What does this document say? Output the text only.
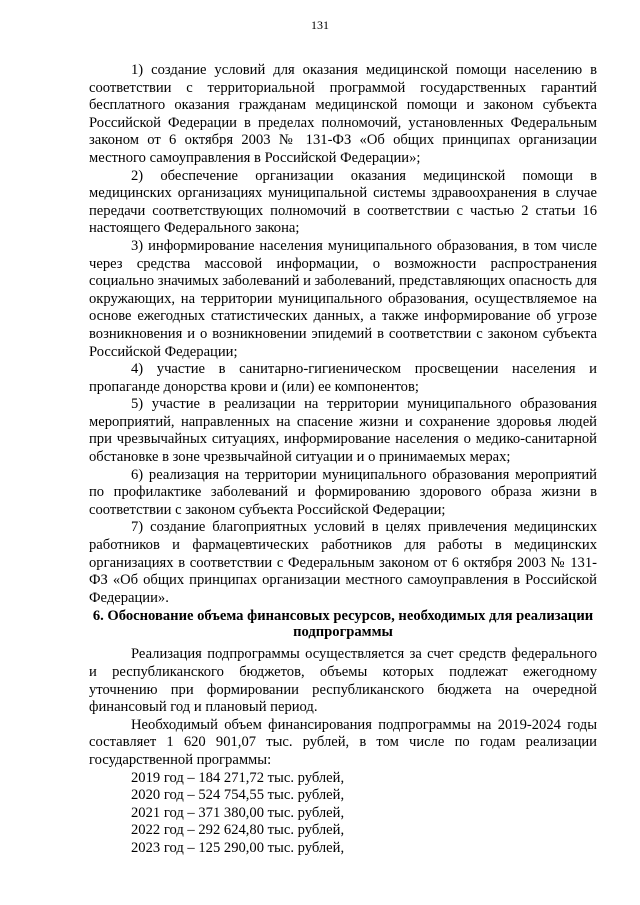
131

1) создание условий для оказания медицинской помощи населению в соответствии с территориальной программой государственных гарантий бесплатного оказания гражданам медицинской помощи и законом субъекта Российской Федерации в пределах полномочий, установленных Федеральным законом от 6 октября 2003 № 131-ФЗ «Об общих принципах организации местного самоуправления в Российской Федерации»;

2) обеспечение организации оказания медицинской помощи в медицинских организациях муниципальной системы здравоохранения в случае передачи соответствующих полномочий в соответствии с частью 2 статьи 16 настоящего Федерального закона;

3) информирование населения муниципального образования, в том числе через средства массовой информации, о возможности распространения социально значимых заболеваний и заболеваний, представляющих опасность для окружающих, на территории муниципального образования, осуществляемое на основе ежегодных статистических данных, а также информирование об угрозе возникновения и о возникновении эпидемий в соответствии с законом субъекта Российской Федерации;

4) участие в санитарно-гигиеническом просвещении населения и пропаганде донорства крови и (или) ее компонентов;

5) участие в реализации на территории муниципального образования мероприятий, направленных на спасение жизни и сохранение здоровья людей при чрезвычайных ситуациях, информирование населения о медико-санитарной обстановке в зоне чрезвычайной ситуации и о принимаемых мерах;

6) реализация на территории муниципального образования мероприятий по профилактике заболеваний и формированию здорового образа жизни в соответствии с законом субъекта Российской Федерации;

7) создание благоприятных условий в целях привлечения медицинских работников и фармацевтических работников для работы в медицинских организациях в соответствии с Федеральным законом от 6 октября 2003 № 131-ФЗ «Об общих принципах организации местного самоуправления в Российской Федерации».

6. Обоснование объема финансовых ресурсов, необходимых для реализации подпрограммы

Реализация подпрограммы осуществляется за счет средств федерального и республиканского бюджетов, объемы которых подлежат ежегодному уточнению при формировании республиканского бюджета на очередной финансовый год и плановый период.

Необходимый объем финансирования подпрограммы на 2019-2024 годы составляет 1 620 901,07 тыс. рублей, в том числе по годам реализации государственной программы:

2019 год – 184 271,72 тыс. рублей,

2020 год – 524 754,55 тыс. рублей,

2021 год – 371 380,00 тыс. рублей,

2022 год – 292 624,80 тыс. рублей,

2023 год – 125 290,00 тыс. рублей,
